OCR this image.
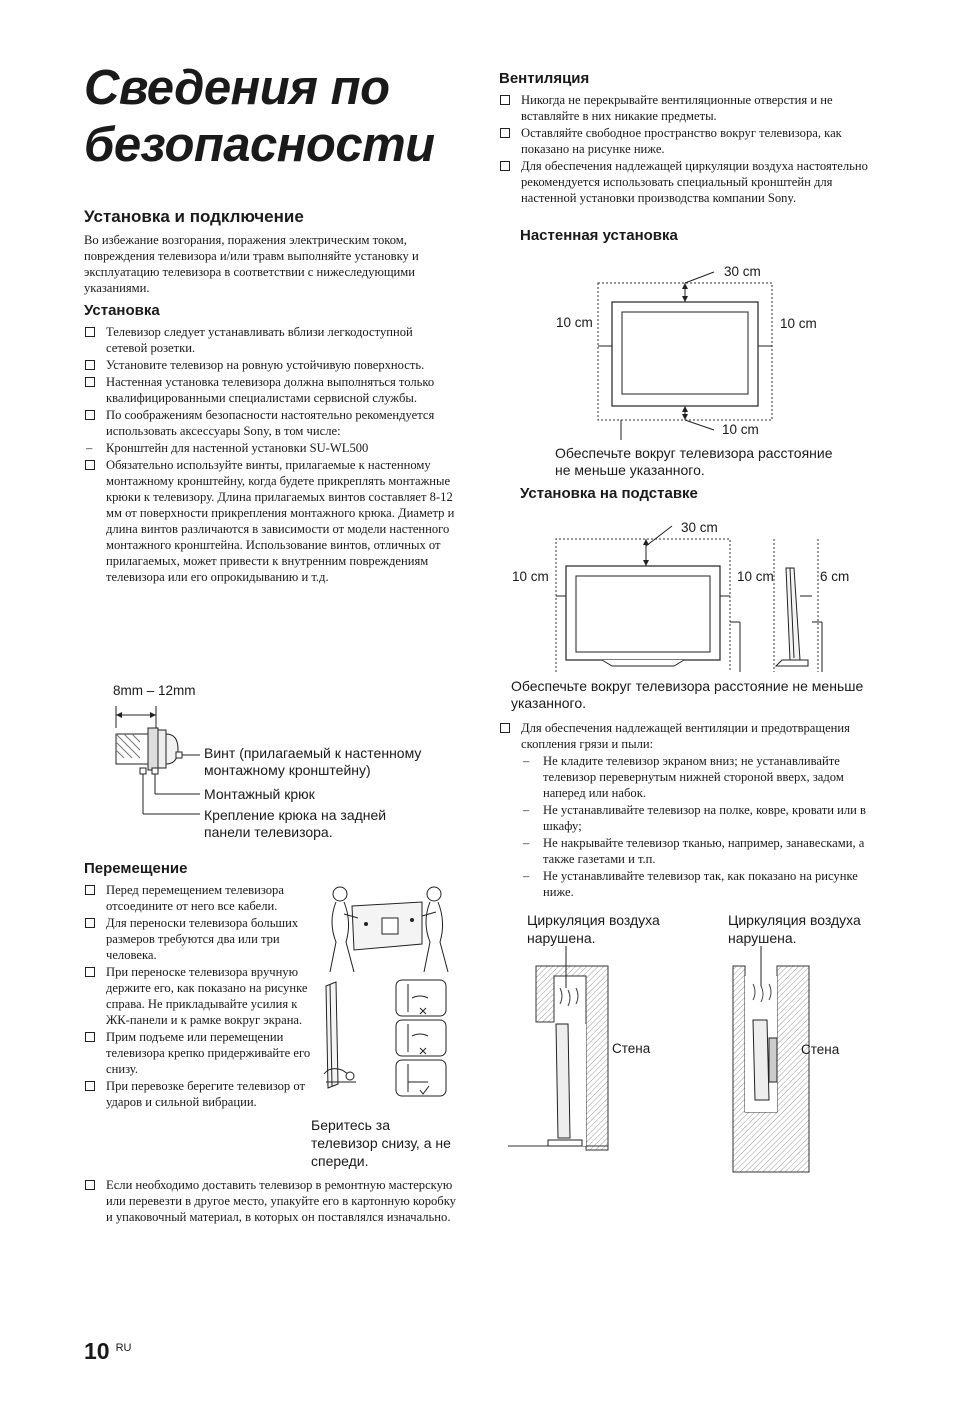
Сведения по безопасности
Установка и подключение
Во избежание возгорания, поражения электрическим током, повреждения телевизора и/или травм выполняйте установку и эксплуатацию телевизора в соответствии с нижеследующими указаниями.
Установка
Телевизор следует устанавливать вблизи легкодоступной сетевой розетки.
Установите телевизор на ровную устойчивую поверхность.
Настенная установка телевизора должна выполняться только квалифицированными специалистами сервисной службы.
По соображениям безопасности настоятельно рекомендуется использовать аксессуары Sony, в том числе:
– Кронштейн для настенной установки SU-WL500
Обязательно используйте винты, прилагаемые к настенному монтажному кронштейну, когда будете прикреплять монтажные крюки к телевизору. Длина прилагаемых винтов составляет 8-12 мм от поверхности прикрепления монтажного крюка. Диаметр и длина винтов различаются в зависимости от модели настенного монтажного кронштейна. Использование винтов, отличных от прилагаемых, может привести к внутренним повреждениям телевизора или его опрокидыванию и т.д.
8mm – 12mm
Винт (прилагаемый к настенному монтажному кронштейну)
Монтажный крюк
Крепление крюка на задней панели телевизора.
Перемещение
Перед перемещением телевизора отсоедините от него все кабели.
Для переноски телевизора больших размеров требуются два или три человека.
При переноске телевизора вручную держите его, как показано на рисунке справа. Не прикладывайте усилия к ЖК-панели и к рамке вокруг экрана.
Прим подъеме или перемещении телевизора крепко придерживайте его снизу.
При перевозке берегите телевизор от ударов и сильной вибрации.
Если необходимо доставить телевизор в ремонтную мастерскую или перевезти в другое место, упакуйте его в картонную коробку и упаковочный материал, в которых он поставлялся изначально.
Беритесь за телевизор снизу, а не спереди.
Вентиляция
Никогда не перекрывайте вентиляционные отверстия и не вставляйте в них никакие предметы.
Оставляйте свободное пространство вокруг телевизора, как показано на рисунке ниже.
Для обеспечения надлежащей циркуляции воздуха настоятельно рекомендуется использовать специальный кронштейн для настенной установки производства компании Sony.
Настенная установка
30 cm
10 cm	10 cm
10 cm
Обеспечьте вокруг телевизора расстояние не меньше указанного.
Установка на подставке
30 cm
10 cm	10 cm	6 cm
Обеспечьте вокруг телевизора расстояние не меньше указанного.
Для обеспечения надлежащей вентиляции и предотвращения скопления грязи и пыли:
– Не кладите телевизор экраном вниз; не устанавливайте телевизор перевернутым нижней стороной вверх, задом наперед или набок.
– Не устанавливайте телевизор на полке, ковре, кровати или в шкафу;
– Не накрывайте телевизор тканью, например, занавесками, а также газетами и т.п.
– Не устанавливайте телевизор так, как показано на рисунке ниже.
Циркуляция воздуха нарушена.
Циркуляция воздуха нарушена.
Стена	Стена
10 $^{RU}$
